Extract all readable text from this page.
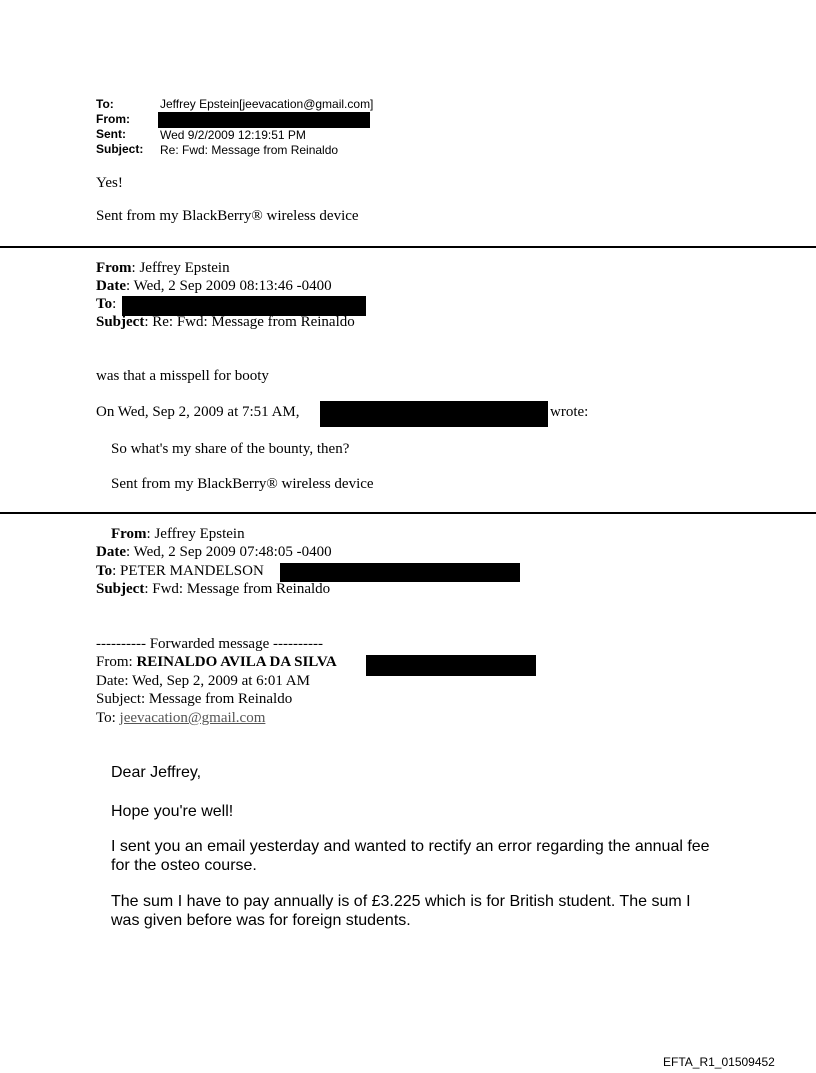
To:	Jeffrey Epstein[jeevacation@gmail.com]
From:
Sent:	Wed 9/2/2009 12:19:51 PM
Subject: Re: Fwd: Message from Reinaldo
Yes!
Sent from my BlackBerry® wireless device
From: Jeffrey Epstein
Date: Wed, 2 Sep 2009 08:13:46 -0400
To:
Subject: Re: Fwd: Message from Reinaldo
was that a misspell for booty
On Wed, Sep 2, 2009 at 7:51 AM,	wrote:
So what's my share of the bounty, then?
Sent from my BlackBerry® wireless device
From: Jeffrey Epstein
Date: Wed, 2 Sep 2009 07:48:05 -0400
To: PETER MANDELSON
Subject: Fwd: Message from Reinaldo
---------- Forwarded message ----------
From: REINALDO AVILA DA SILVA
Date: Wed, Sep 2, 2009 at 6:01 AM
Subject: Message from Reinaldo
To: jeevacation@gmail.com
Dear Jeffrey,
Hope you're well!
I sent you an email yesterday and wanted to rectify an error regarding the annual fee
for the osteo course.
The sum I have to pay annually is of £3.225 which is for British student. The sum I
was given before was for foreign students.
EFTA_R1_01509452
